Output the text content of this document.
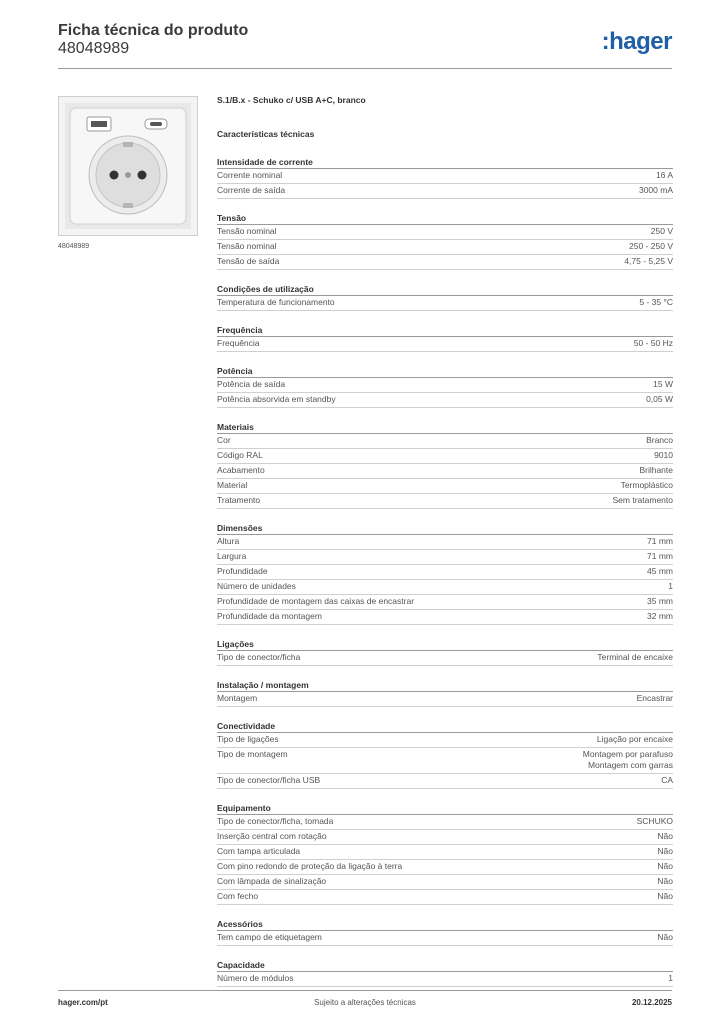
Ficha técnica do produto
48048989	:hager
48048989
S.1/B.x - Schuko c/ USB A+C, branco
Características técnicas
Intensidade de corrente
Corrente nominal	16 A
Corrente de saída	3000 mA
Tensão
Tensão nominal	250 V
Tensão nominal	250 - 250 V
Tensão de saída	4,75 - 5,25 V
Condições de utilização
Temperatura de funcionamento	5 - 35 °C
Frequência
Frequência	50 - 50 Hz
Potência
Potência de saída	15 W
Potência absorvida em standby	0,05 W
Materiais
Cor	Branco
Código RAL	9010
Acabamento	Brilhante
Material	Termoplástico
Tratamento	Sem tratamento
Dimensões
Altura	71 mm
Largura	71 mm
Profundidade	45 mm
Número de unidades	1
Profundidade de montagem das caixas de encastrar	35 mm
Profundidade da montagem	32 mm
Ligações
Tipo de conector/ficha	Terminal de encaixe
Instalação / montagem
Montagem	Encastrar
Conectividade
Tipo de ligações	Ligação por encaixe
Tipo de montagem	Montagem por parafuso
Montagem com garras
Tipo de conector/ficha USB	CA
Equipamento
Tipo de conector/ficha, tomada	SCHUKO
Inserção central com rotação	Não
Com tampa articulada	Não
Com pino redondo de proteção da ligação à terra	Não
Com lâmpada de sinalização	Não
Com fecho	Não
Acessórios
Tem campo de etiquetagem	Não
Capacidade
Número de módulos	1
hager.com/pt	Sujeito a alterações técnicas	20.12.2025
